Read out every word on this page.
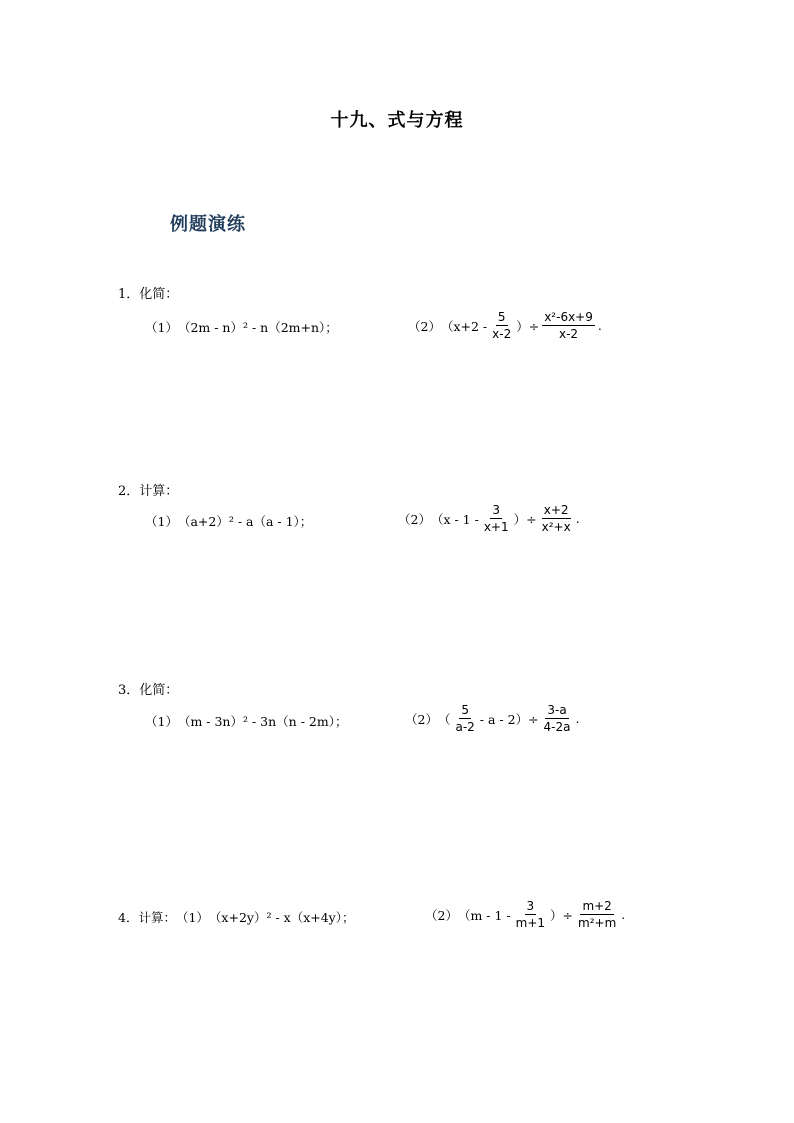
十九、式与方程
例题演练
1．化简：
（1） （2m - n）² - n（2m+n）；	（2） （$x+2 - \frac{5}{x-2}$ ）÷ $\frac{\text{x²-6x+9}}{x-2}$ .
2．计算：
（1） （a+2）² - a（a - 1）；	（2） （$x - 1 - \frac{3}{x+1}$ ）÷ $\frac{x+2}{\text{x²+x}}$ .
3．化简：
（1） （m - 3n）² - 3n（n - 2m）；	（2） （ $\frac{5}{a-2} - a - 2)\div \frac{3-a}{4-2a}$ .
4． 计算： （1） （x+2y）² - x（x+4y）；	（2） （$m - 1 - \frac{3}{m+1}$ ）÷ $\frac{m+2}{\text{m²+m}}$ .
